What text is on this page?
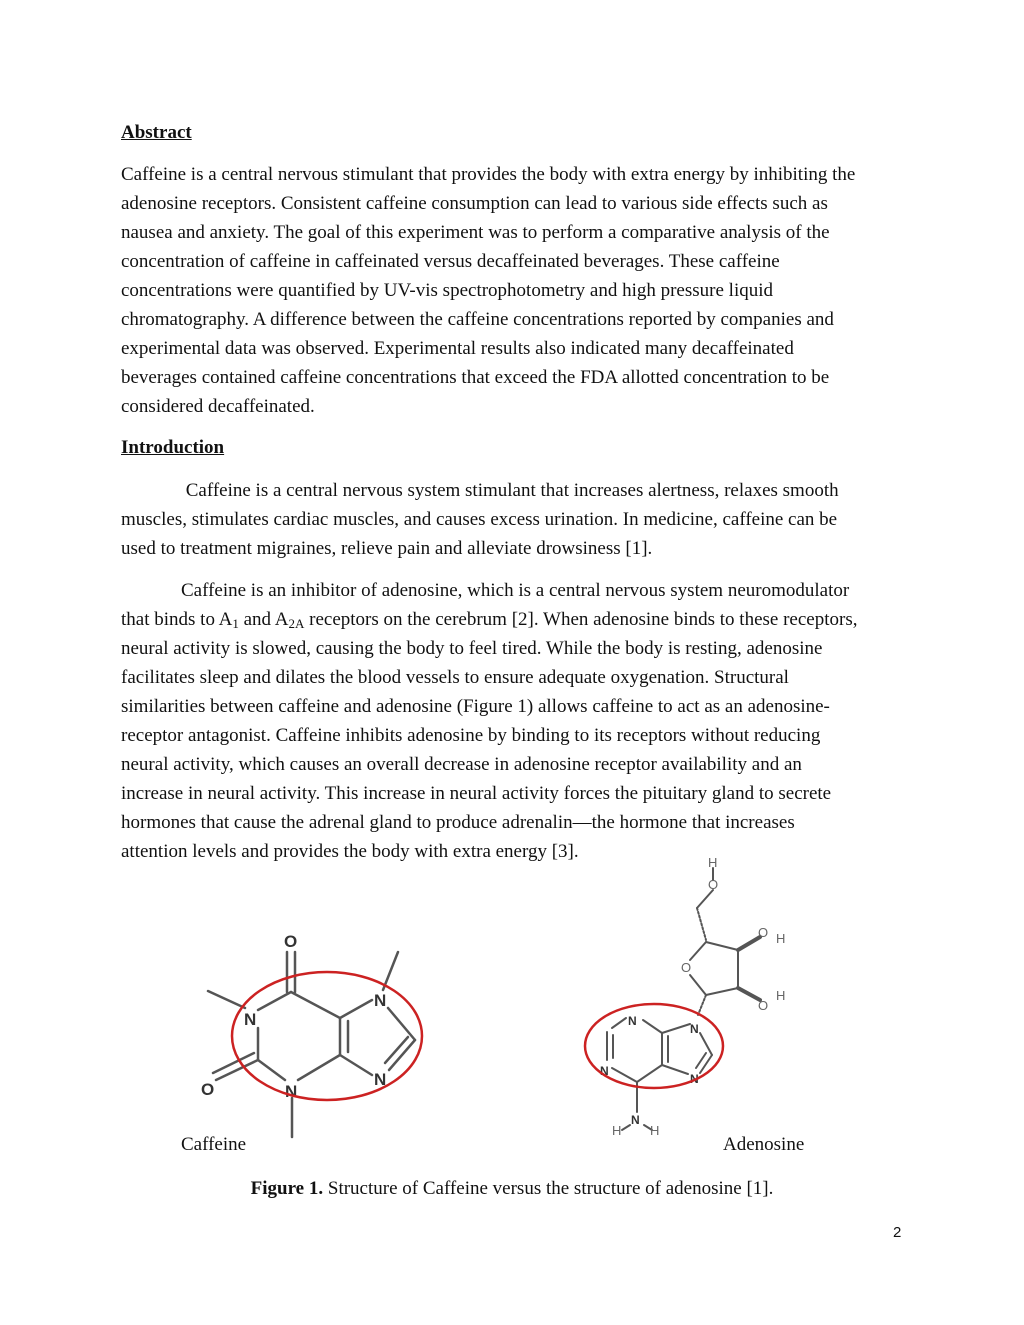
Abstract

Caffeine is a central nervous stimulant that provides the body with extra energy by inhibiting the
adenosine receptors. Consistent caffeine consumption can lead to various side effects such as
nausea and anxiety. The goal of this experiment was to perform a comparative analysis of the
concentration of caffeine in caffeinated versus decaffeinated beverages. These caffeine
concentrations were quantified by UV-vis spectrophotometry and high pressure liquid
chromatography. A difference between the caffeine concentrations reported by companies and
experimental data was observed. Experimental results also indicated many decaffeinated
beverages contained caffeine concentrations that exceed the FDA allotted concentration to be
considered decaffeinated.

Introduction

Caffeine is a central nervous system stimulant that increases alertness, relaxes smooth
muscles, stimulates cardiac muscles, and causes excess urination. In medicine, caffeine can be
used to treatment migraines, relieve pain and alleviate drowsiness [1].
Caffeine is an inhibitor of adenosine, which is a central nervous system neuromodulator
that binds to $A_1$ and $A_{2A}$ receptors on the cerebrum [2]. When adenosine binds to these receptors,
neural activity is slowed, causing the body to feel tired. While the body is resting, adenosine
facilitates sleep and dilates the blood vessels to ensure adequate oxygenation. Structural
similarities between caffeine and adenosine (Figure 1) allows caffeine to act as an adenosine-
receptor antagonist. Caffeine inhibits adenosine by binding to its receptors without reducing
neural activity, which causes an overall decrease in adenosine receptor availability and an
increase in neural activity. This increase in neural activity forces the pituitary gland to secrete
hormones that cause the adrenal gland to produce adrenalin—the hormone that increases
attention levels and provides the body with extra energy [3].
O
O
N
N
N
N
H
O
O
O H
O
H
N
N
N
N
N
H H

Caffeine	Adenosine

Figure 1. Structure of Caffeine versus the structure of adenosine [1].

2
